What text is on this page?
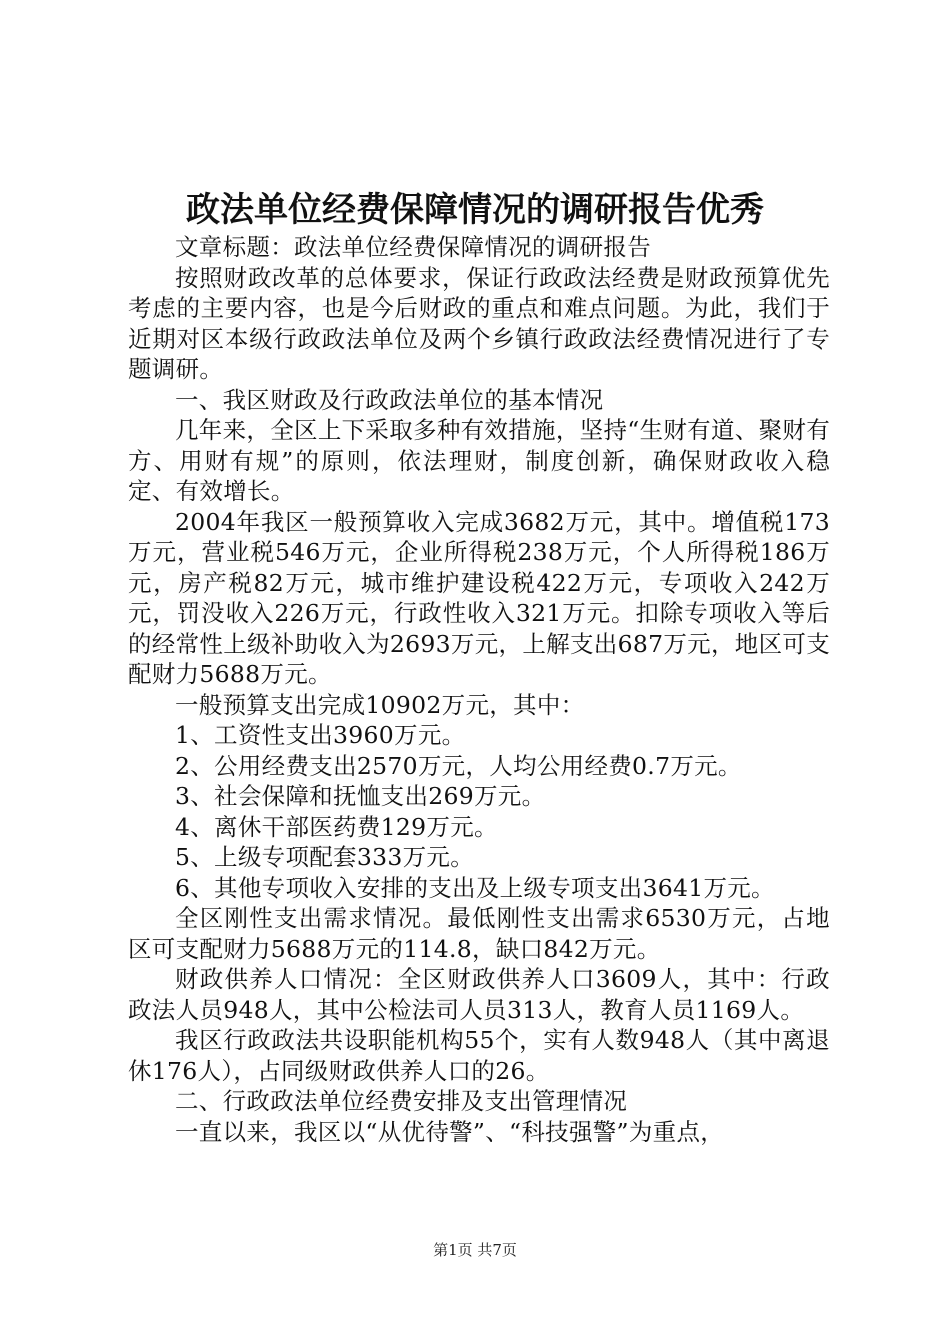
政法单位经费保障情况的调研报告优秀

文章标题：政法单位经费保障情况的调研报告

按照财政改革的总体要求，保证行政政法经费是财政预算优先考虑的主要内容，也是今后财政的重点和难点问题。为此，我们于近期对区本级行政政法单位及两个乡镇行政政法经费情况进行了专题调研。

一、我区财政及行政政法单位的基本情况

几年来，全区上下采取多种有效措施，坚持“生财有道、聚财有方、用财有规”的原则，依法理财，制度创新，确保财政收入稳定、有效增长。

2004年我区一般预算收入完成3682万元，其中。增值税173万元，营业税546万元，企业所得税238万元，个人所得税186万元，房产税82万元，城市维护建设税422万元，专项收入242万元，罚没收入226万元，行政性收入321万元。扣除专项收入等后的经常性上级补助收入为2693万元，上解支出687万元，地区可支配财力5688万元。

一般预算支出完成10902万元，其中：

1、工资性支出3960万元。

2、公用经费支出2570万元，人均公用经费0.7万元。

3、社会保障和抚恤支出269万元。

4、离休干部医药费129万元。

5、上级专项配套333万元。

6、其他专项收入安排的支出及上级专项支出3641万元。

全区刚性支出需求情况。最低刚性支出需求6530万元，占地区可支配财力5688万元的114.8，缺口842万元。

财政供养人口情况：全区财政供养人口3609人，其中：行政政法人员948人，其中公检法司人员313人，教育人员1169人。

我区行政政法共设职能机构55个，实有人数948人（其中离退休176人），占同级财政供养人口的26。

二、行政政法单位经费安排及支出管理情况

一直以来，我区以“从优待警”、“科技强警”为重点，

第1页 共7页
